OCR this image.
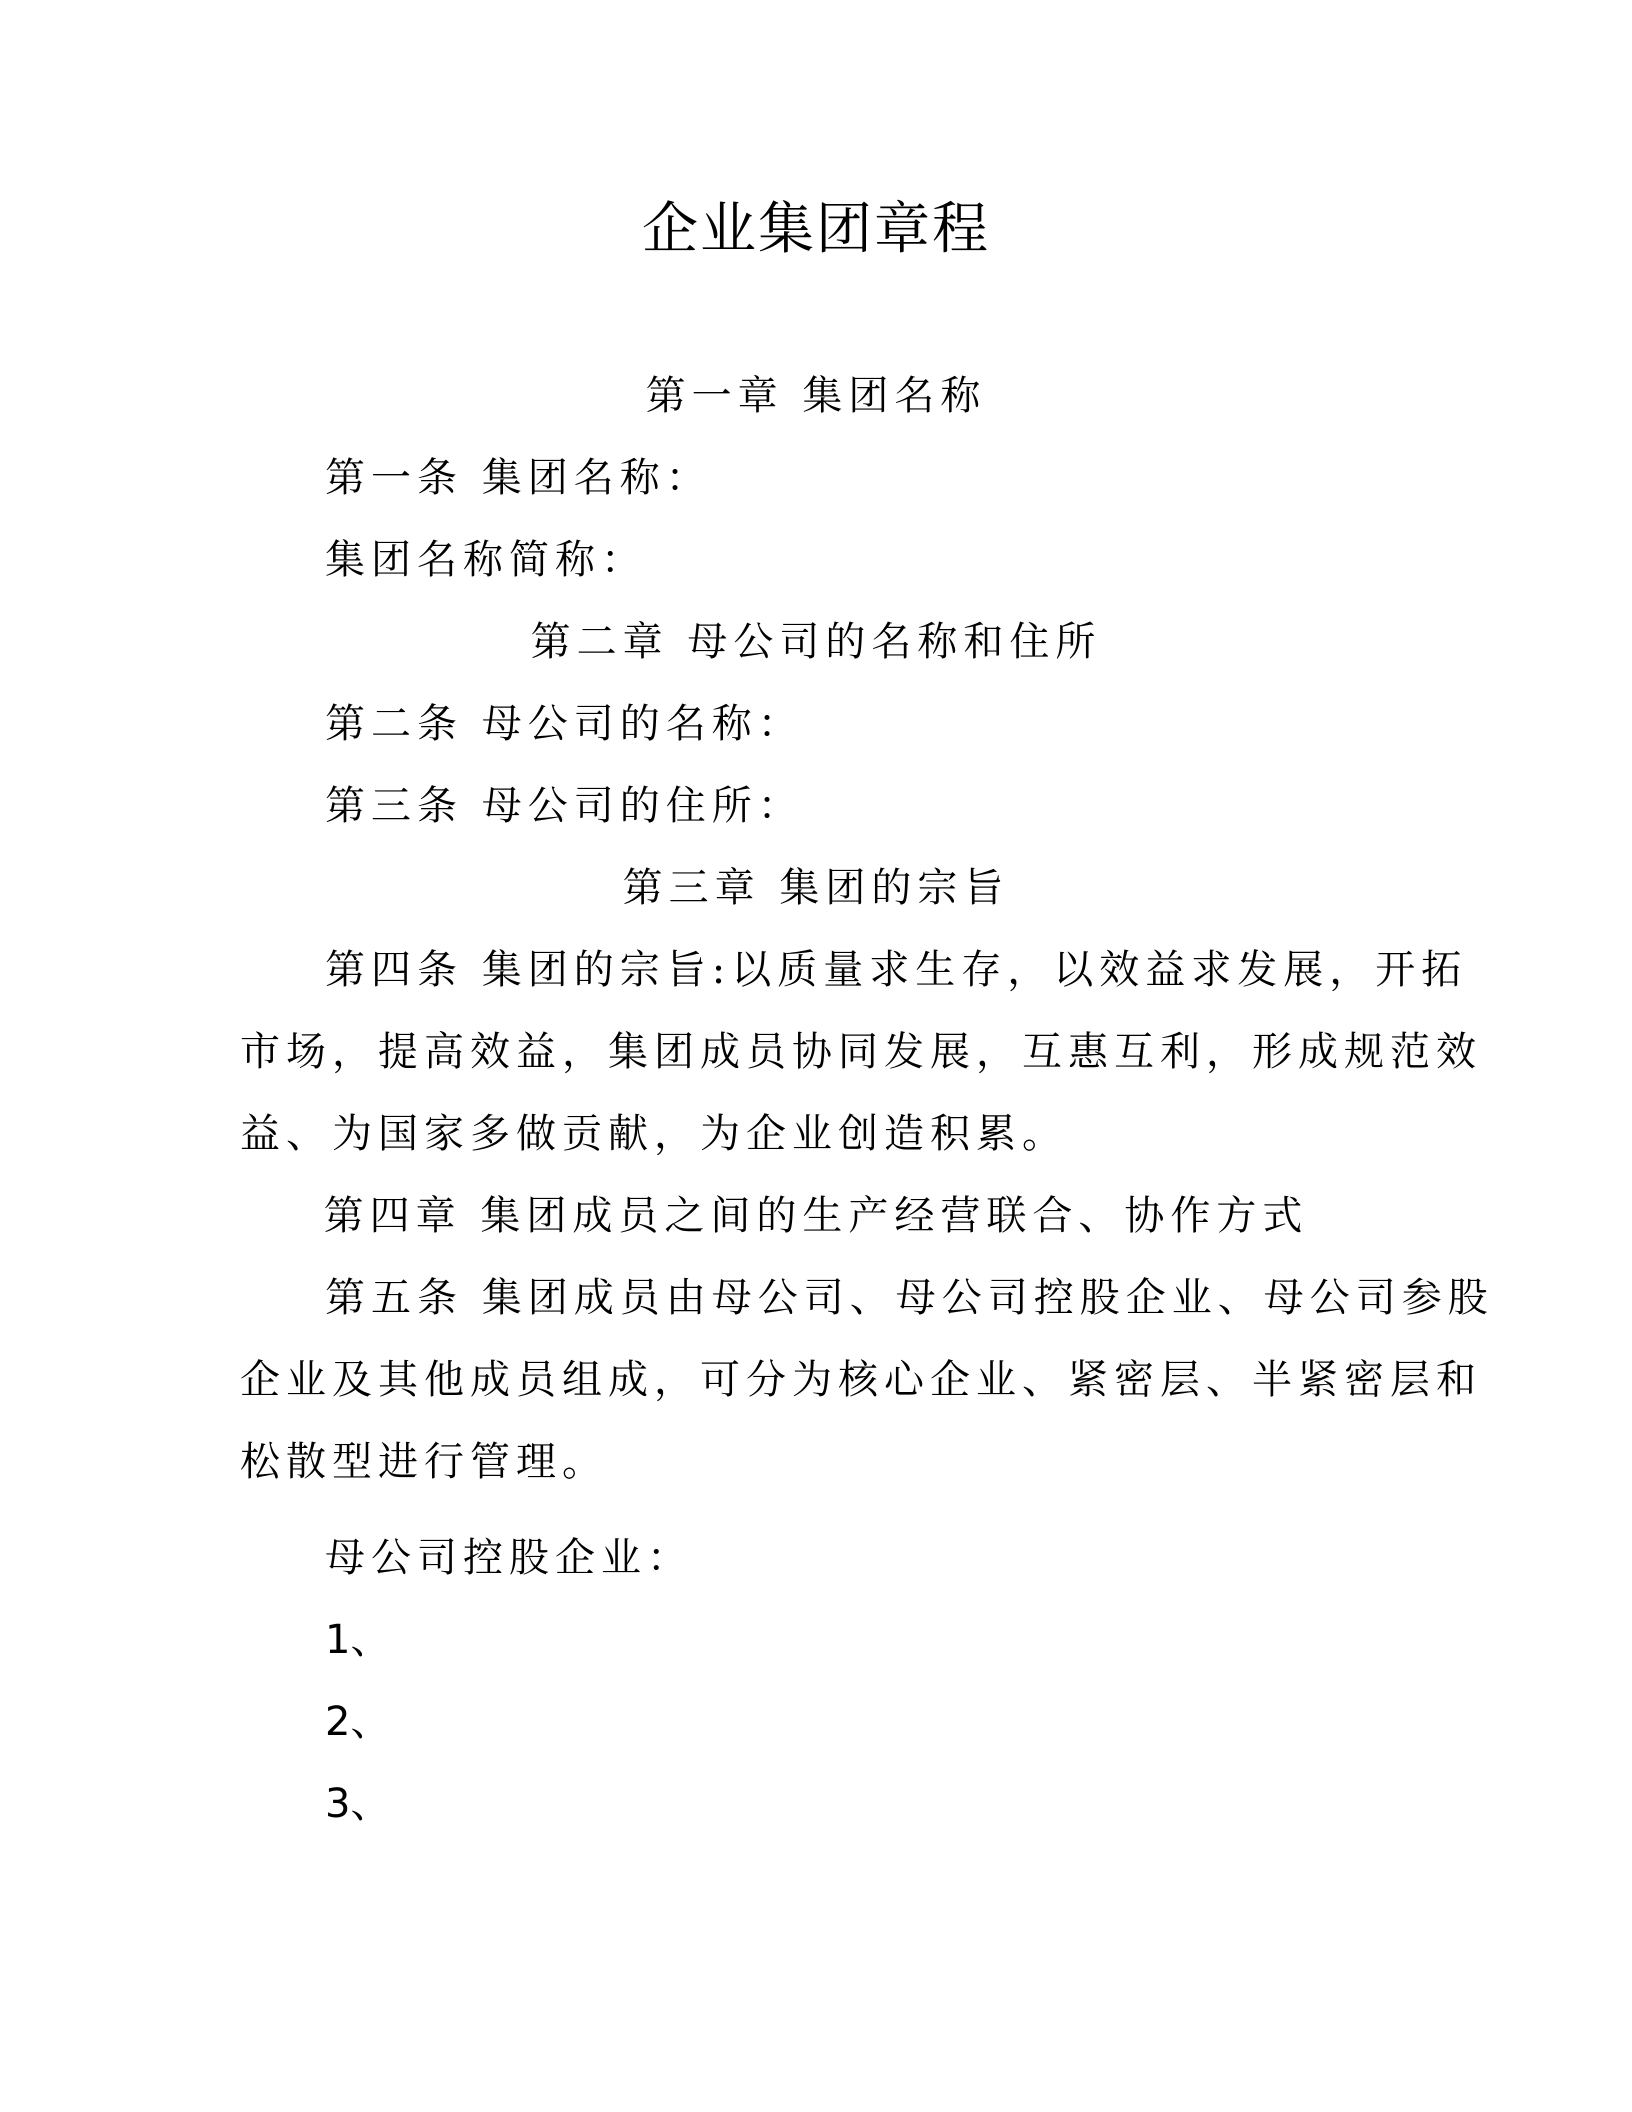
企业集团章程
第一章 集团名称
第一条 集团名称：
集团名称简称：
第二章 母公司的名称和住所
第二条 母公司的名称：
第三条 母公司的住所：
第三章 集团的宗旨
第四条 集团的宗旨:以质量求生存，以效益求发展，开拓
市场，提高效益，集团成员协同发展，互惠互利，形成规范效
益、为国家多做贡献，为企业创造积累。
第四章 集团成员之间的生产经营联合、协作方式
第五条 集团成员由母公司、母公司控股企业、母公司参股
企业及其他成员组成，可分为核心企业、紧密层、半紧密层和
松散型进行管理。
母公司控股企业：
1、
2、
3、
